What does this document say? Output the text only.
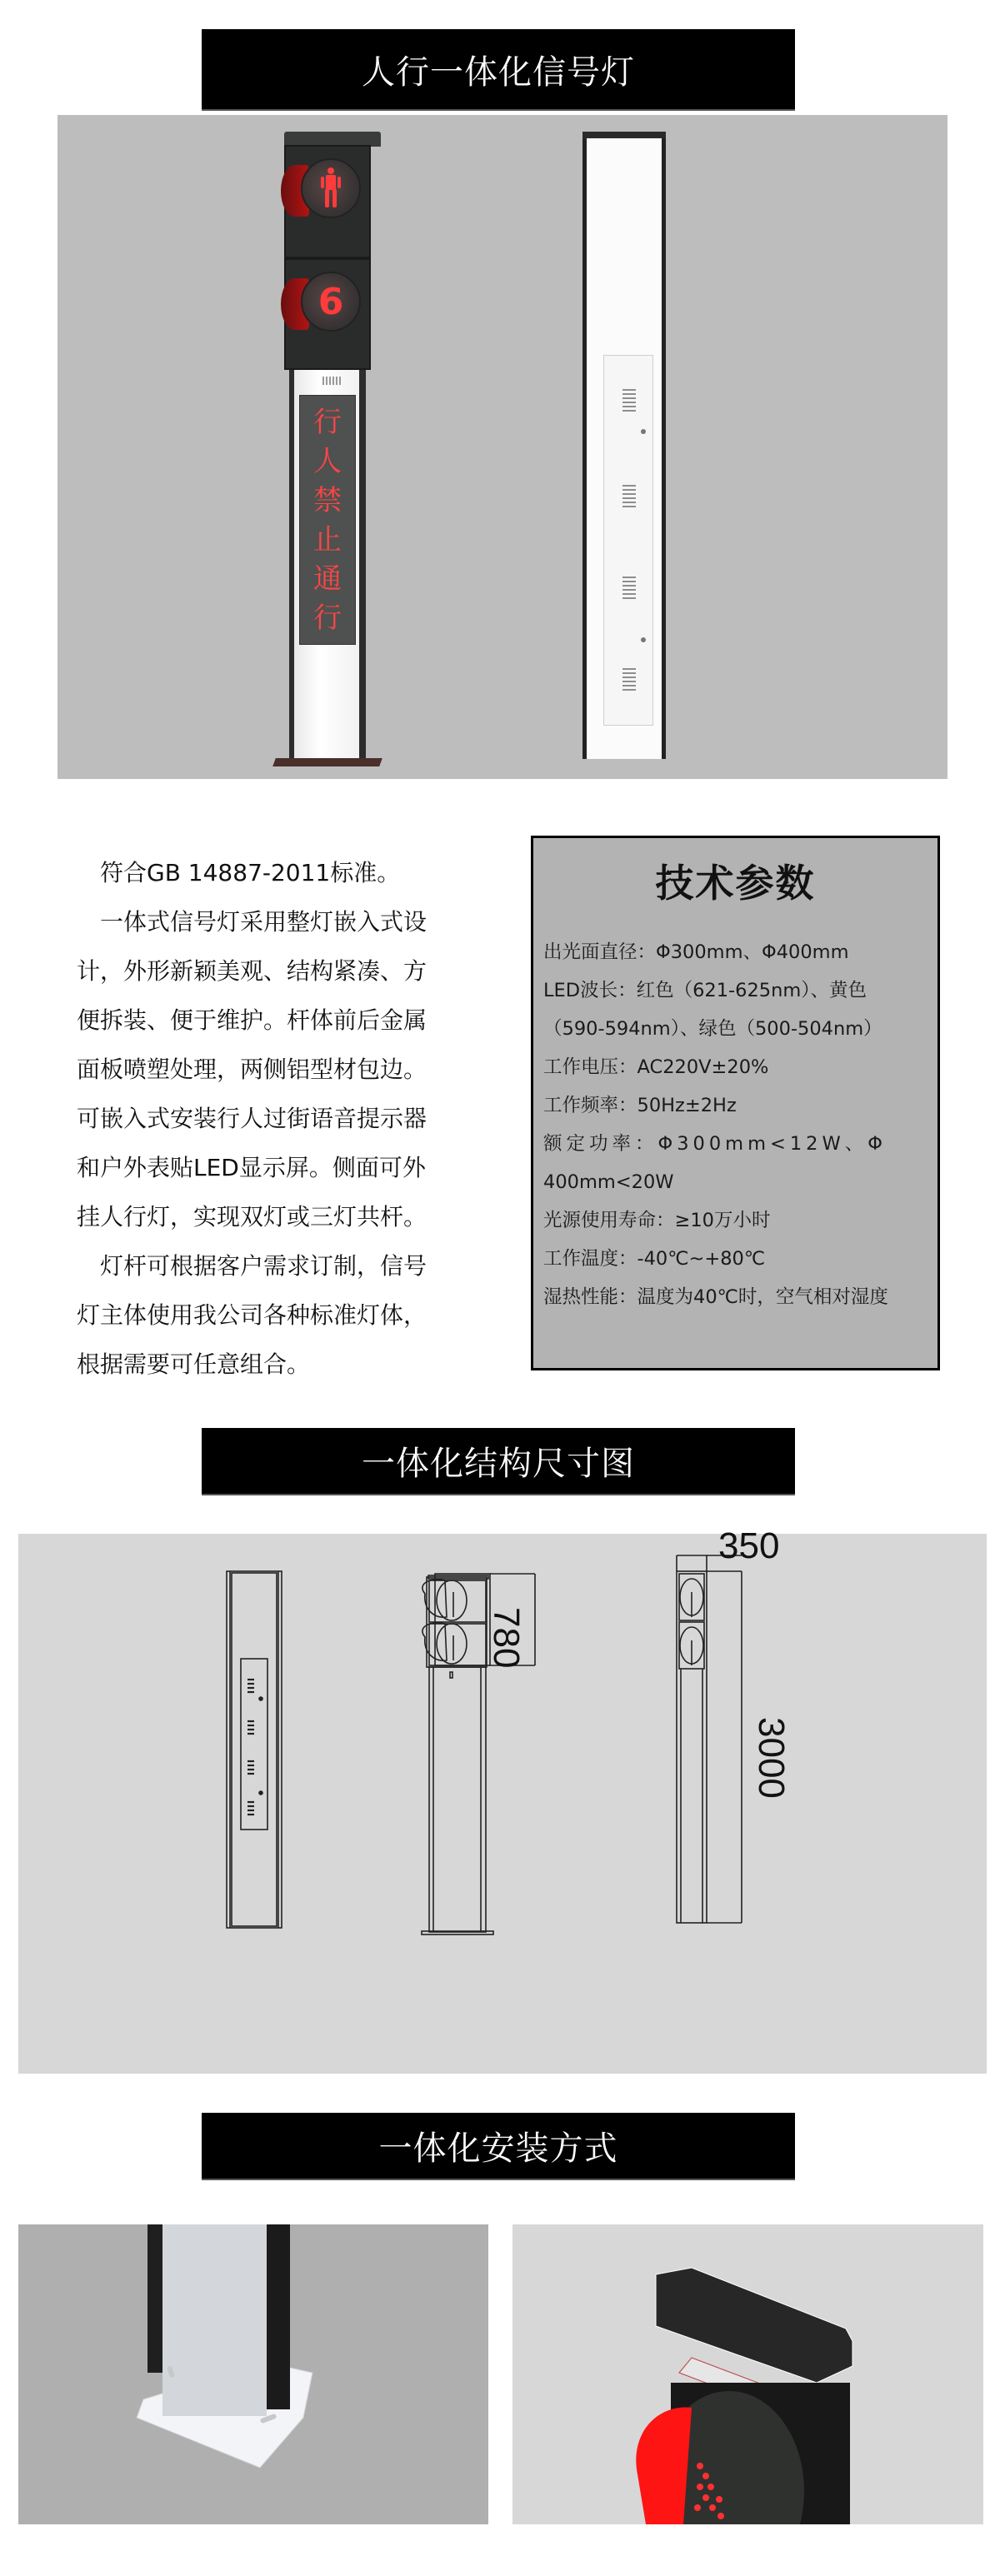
人行一体化信号灯
6
行
人
禁
止
通
行

符合GB 14887-2011标准。

一体式信号灯采用整灯嵌入式设

计，外形新颖美观、结构紧凑、方

便拆装、便于维护。杆体前后金属

面板喷塑处理，两侧铝型材包边。

可嵌入式安装行人过街语音提示器

和户外表贴LED显示屏。侧面可外

挂人行灯，实现双灯或三灯共杆。

灯杆可根据客户需求订制，信号

灯主体使用我公司各种标准灯体，

根据需要可任意组合。

技术参数
出光面直径：Φ300mm、Φ400mm
LED波长：红色（621-625nm）、黄色
（590-594nm）、绿色（500-504nm）
工作电压：AC220V±20%
工作频率：50Hz±2Hz
额定功率：Φ300mm<12W、Φ
400mm<20W
光源使用寿命：≥10万小时
工作温度：-40℃~+80℃
湿热性能：温度为40℃时，空气相对湿度
一体化结构尺寸图
350
780
3000
一体化安装方式
